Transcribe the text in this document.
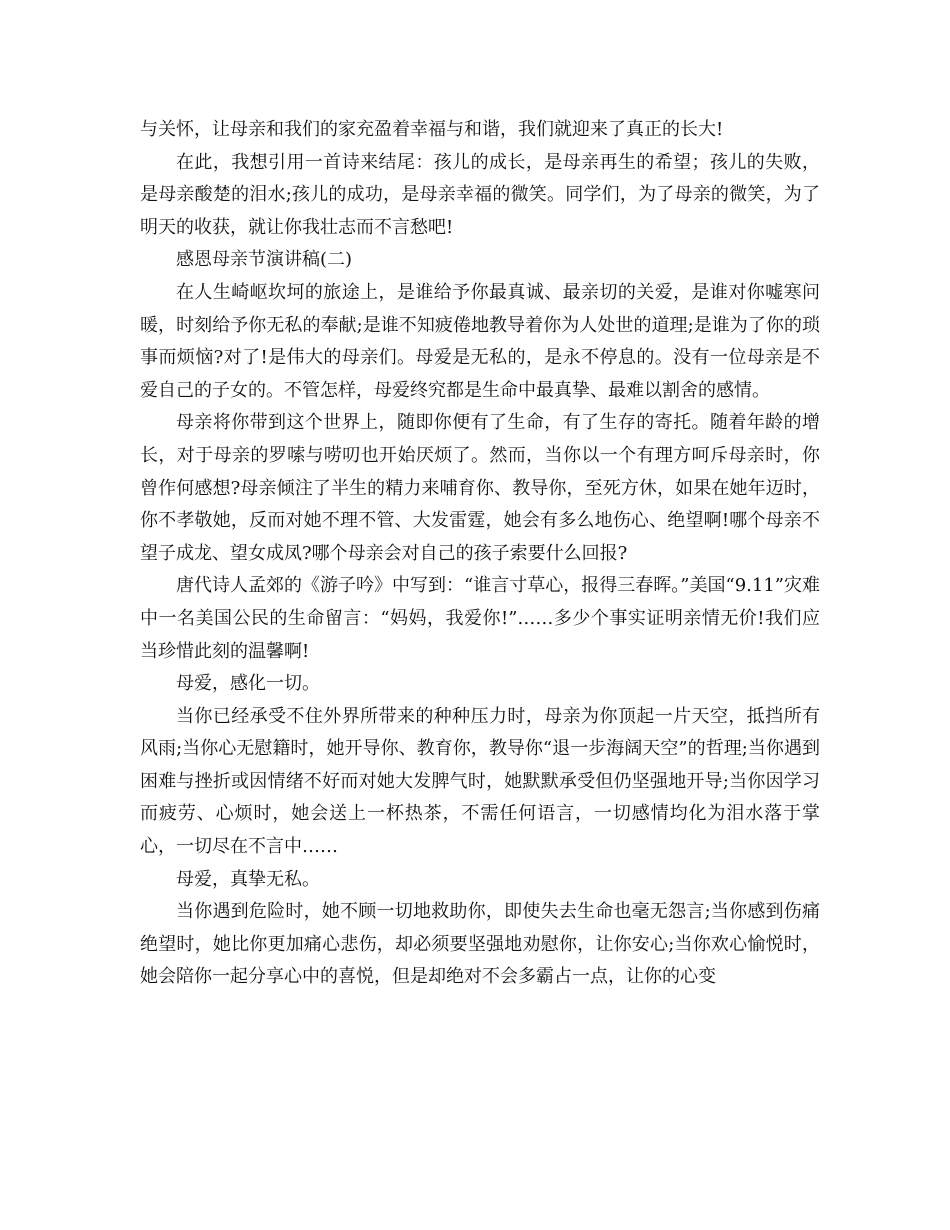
与关怀，让母亲和我们的家充盈着幸福与和谐，我们就迎来了真正的长大!

在此，我想引用一首诗来结尾：孩儿的成长，是母亲再生的希望；孩儿的失败，是母亲酸楚的泪水;孩儿的成功，是母亲幸福的微笑。同学们，为了母亲的微笑，为了明天的收获，就让你我壮志而不言愁吧!

感恩母亲节演讲稿(二)

在人生崎岖坎坷的旅途上，是谁给予你最真诚、最亲切的关爱，是谁对你嘘寒问暖，时刻给予你无私的奉献;是谁不知疲倦地教导着你为人处世的道理;是谁为了你的琐事而烦恼?对了!是伟大的母亲们。母爱是无私的，是永不停息的。没有一位母亲是不爱自己的子女的。不管怎样，母爱终究都是生命中最真挚、最难以割舍的感情。

母亲将你带到这个世界上，随即你便有了生命，有了生存的寄托。随着年龄的增长，对于母亲的罗嗦与唠叨也开始厌烦了。然而，当你以一个有理方呵斥母亲时，你曾作何感想?母亲倾注了半生的精力来哺育你、教导你，至死方休，如果在她年迈时，你不孝敬她，反而对她不理不管、大发雷霆，她会有多么地伤心、绝望啊!哪个母亲不望子成龙、望女成凤?哪个母亲会对自己的孩子索要什么回报?

唐代诗人孟郊的《游子吟》中写到：“谁言寸草心，报得三春晖。”美国“9.11”灾难中一名美国公民的生命留言：“妈妈，我爱你!”……多少个事实证明亲情无价!我们应当珍惜此刻的温馨啊!

母爱，感化一切。

当你已经承受不住外界所带来的种种压力时，母亲为你顶起一片天空，抵挡所有风雨;当你心无慰籍时，她开导你、教育你，教导你“退一步海阔天空”的哲理;当你遇到困难与挫折或因情绪不好而对她大发脾气时，她默默承受但仍坚强地开导;当你因学习而疲劳、心烦时，她会送上一杯热茶，不需任何语言，一切感情均化为泪水落于掌心，一切尽在不言中……

母爱，真挚无私。

当你遇到危险时，她不顾一切地救助你，即使失去生命也毫无怨言;当你感到伤痛绝望时，她比你更加痛心悲伤，却必须要坚强地劝慰你，让你安心;当你欢心愉悦时，她会陪你一起分享心中的喜悦，但是却绝对不会多霸占一点，让你的心变
